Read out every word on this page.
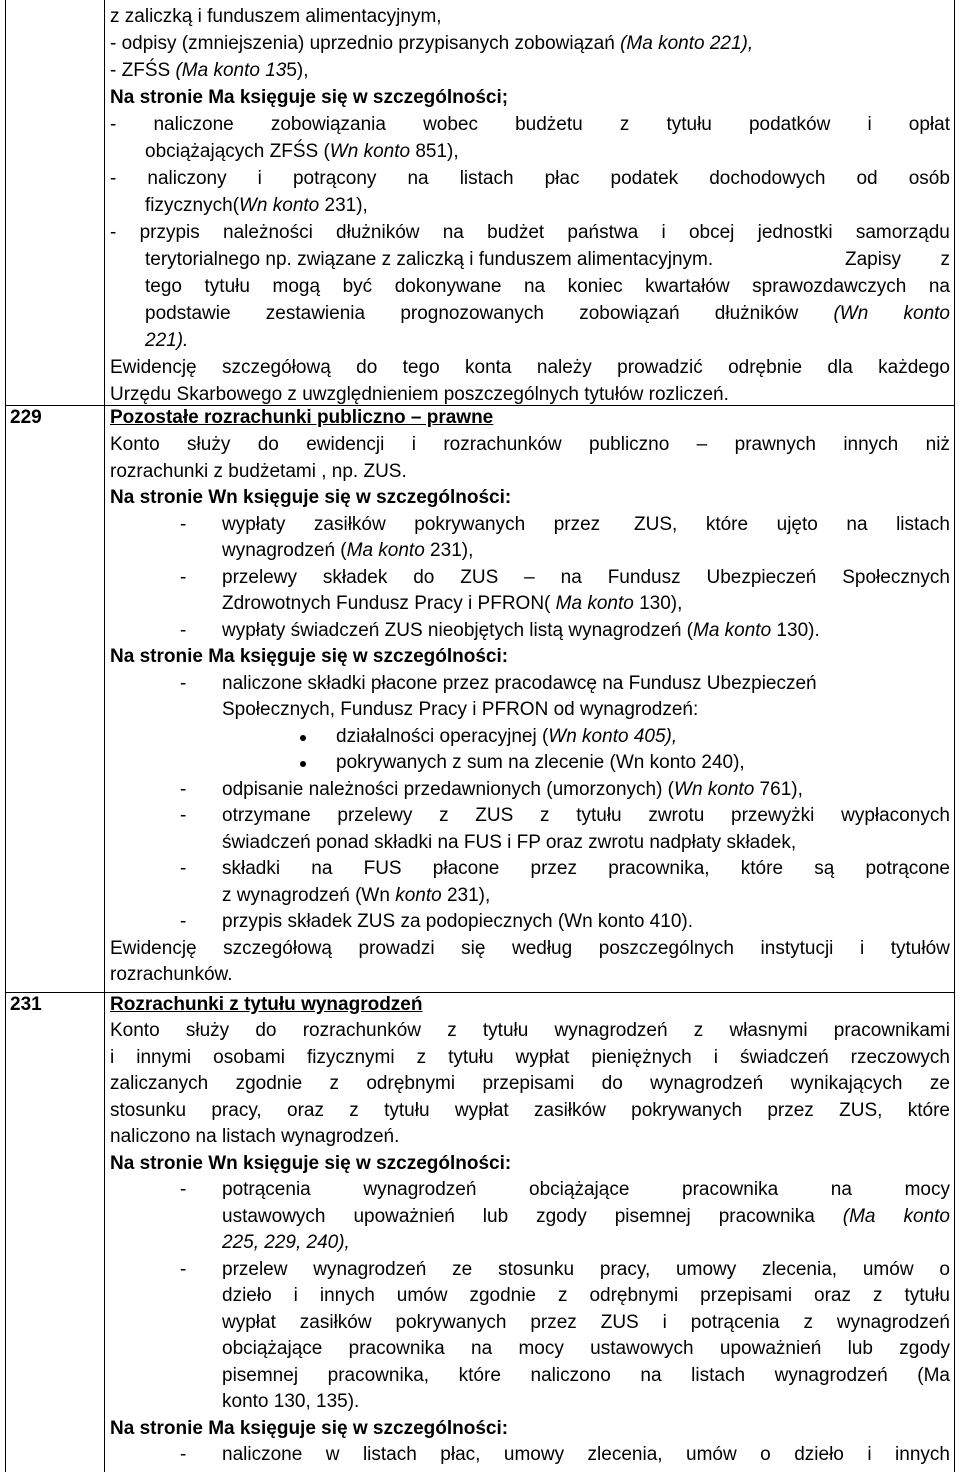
z zaliczką i funduszem alimentacyjnym,
- odpisy (zmniejszenia) uprzednio przypisanych zobowiązań (Ma konto 221),
- ZFŚS (Ma konto 135),
Na stronie Ma księguje się w szczególności;
- naliczone zobowiązania wobec budżetu z tytułu podatków i opłat
obciążających ZFŚS (Wn konto 851),
- naliczony i potrącony na listach płac podatek dochodowych od osób
fizycznych(Wn konto 231),
- przypis należności dłużników na budżet państwa i obcej jednostki samorządu
terytorialnego np. związane z zaliczką i funduszem alimentacyjnym.	Zapisy z
tego tytułu mogą być dokonywane na koniec kwartałów sprawozdawczych na
podstawie zestawienia prognozowanych zobowiązań dłużników (Wn konto
221).
Ewidencję szczegółową do tego konta należy prowadzić odrębnie dla każdego
Urzędu Skarbowego z uwzględnieniem poszczególnych tytułów rozliczeń.
229	Pozostałe rozrachunki publiczno – prawne
Konto służy do ewidencji i rozrachunków publiczno – prawnych innych niż
rozrachunki z budżetami , np. ZUS.
Na stronie Wn księguje się w szczególności:
- wypłaty zasiłków pokrywanych przez ZUS, które ujęto na listach
wynagrodzeń (Ma konto 231),
- przelewy składek do ZUS – na Fundusz Ubezpieczeń Społecznych
Zdrowotnych Fundusz Pracy i PFRON( Ma konto 130),
- wypłaty świadczeń ZUS nieobjętych listą wynagrodzeń (Ma konto 130).
Na stronie Ma księguje się w szczególności:
- naliczone składki płacone przez pracodawcę na Fundusz Ubezpieczeń
Społecznych, Fundusz Pracy i PFRON od wynagrodzeń:
działalności operacyjnej (Wn konto 405),
pokrywanych z sum na zlecenie (Wn konto 240),
- odpisanie należności przedawnionych (umorzonych) (Wn konto 761),
- otrzymane przelewy z ZUS z tytułu zwrotu przewyżki wypłaconych
świadczeń ponad składki na FUS i FP oraz zwrotu nadpłaty składek,
- składki na FUS płacone przez pracownika, które są potrącone
z wynagrodzeń (Wn konto 231),
- przypis składek ZUS za podopiecznych (Wn konto 410).
Ewidencję szczegółową prowadzi się według poszczególnych instytucji i tytułów
rozrachunków.
231	Rozrachunki z tytułu wynagrodzeń
Konto służy do rozrachunków z tytułu wynagrodzeń z własnymi pracownikami
i innymi osobami fizycznymi z tytułu wypłat pieniężnych i świadczeń rzeczowych
zaliczanych zgodnie z odrębnymi przepisami do wynagrodzeń wynikających ze
stosunku pracy, oraz z tytułu wypłat zasiłków pokrywanych przez ZUS, które
naliczono na listach wynagrodzeń.
Na stronie Wn księguje się w szczególności:
- potrącenia	wynagrodzeń	obciążające	pracownika	na	mocy
ustawowych upoważnień lub zgody pisemnej pracownika (Ma konto
225, 229, 240),
- przelew wynagrodzeń ze stosunku pracy, umowy zlecenia, umów o
dzieło i innych umów zgodnie z odrębnymi przepisami oraz z tytułu
wypłat zasiłków pokrywanych przez ZUS i potrącenia z wynagrodzeń
obciążające pracownika na mocy ustawowych upoważnień lub zgody
pisemnej pracownika, które naliczono na listach wynagrodzeń (Ma
konto 130, 135).
Na stronie Ma księguje się w szczególności:
- naliczone w listach płac, umowy zlecenia, umów o dzieło i innych
